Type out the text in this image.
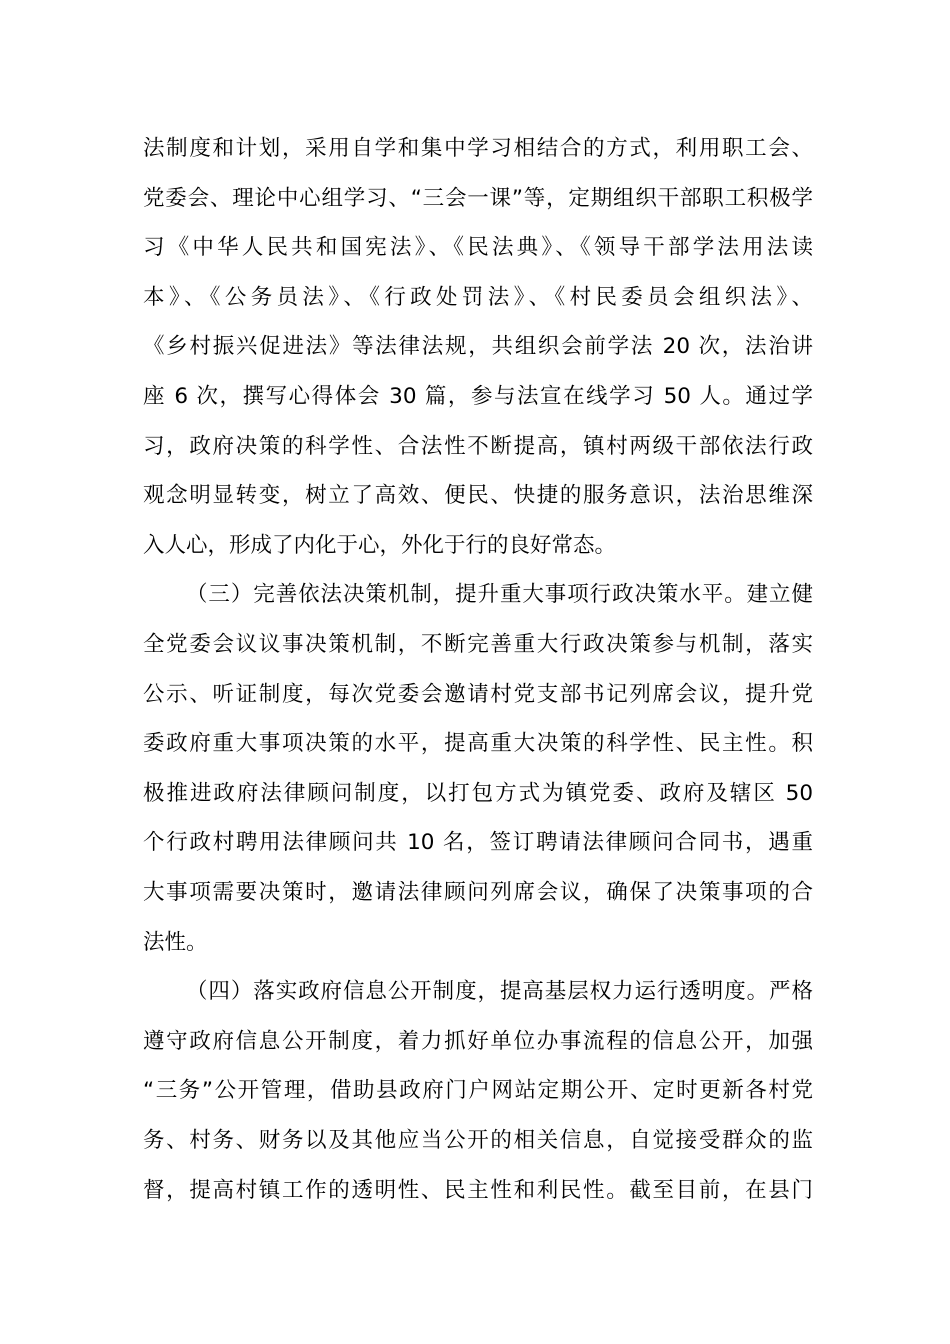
法制度和计划，采用自学和集中学习相结合的方式，利用职工会、
党委会、理论中心组学习、“三会一课”等，定期组织干部职工积极学
习《中华人民共和国宪法》、《民法典》、《领导干部学法用法读
本》、《公务员法》、《行政处罚法》、《村民委员会组织法》、
《乡村振兴促进法》等法律法规，共组织会前学法 20 次，法治讲
座 6 次，撰写心得体会 30 篇，参与法宣在线学习 50 人。通过学
习，政府决策的科学性、合法性不断提高，镇村两级干部依法行政
观念明显转变，树立了高效、便民、快捷的服务意识，法治思维深
入人心，形成了内化于心，外化于行的良好常态。
（三）完善依法决策机制，提升重大事项行政决策水平。建立健
全党委会议议事决策机制，不断完善重大行政决策参与机制，落实
公示、听证制度，每次党委会邀请村党支部书记列席会议，提升党
委政府重大事项决策的水平，提高重大决策的科学性、民主性。积
极推进政府法律顾问制度，以打包方式为镇党委、政府及辖区 50
个行政村聘用法律顾问共 10 名，签订聘请法律顾问合同书，遇重
大事项需要决策时，邀请法律顾问列席会议，确保了决策事项的合
法性。
（四）落实政府信息公开制度，提高基层权力运行透明度。严格
遵守政府信息公开制度，着力抓好单位办事流程的信息公开，加强
“三务”公开管理，借助县政府门户网站定期公开、定时更新各村党
务、村务、财务以及其他应当公开的相关信息，自觉接受群众的监
督，提高村镇工作的透明性、民主性和利民性。截至目前，在县门
